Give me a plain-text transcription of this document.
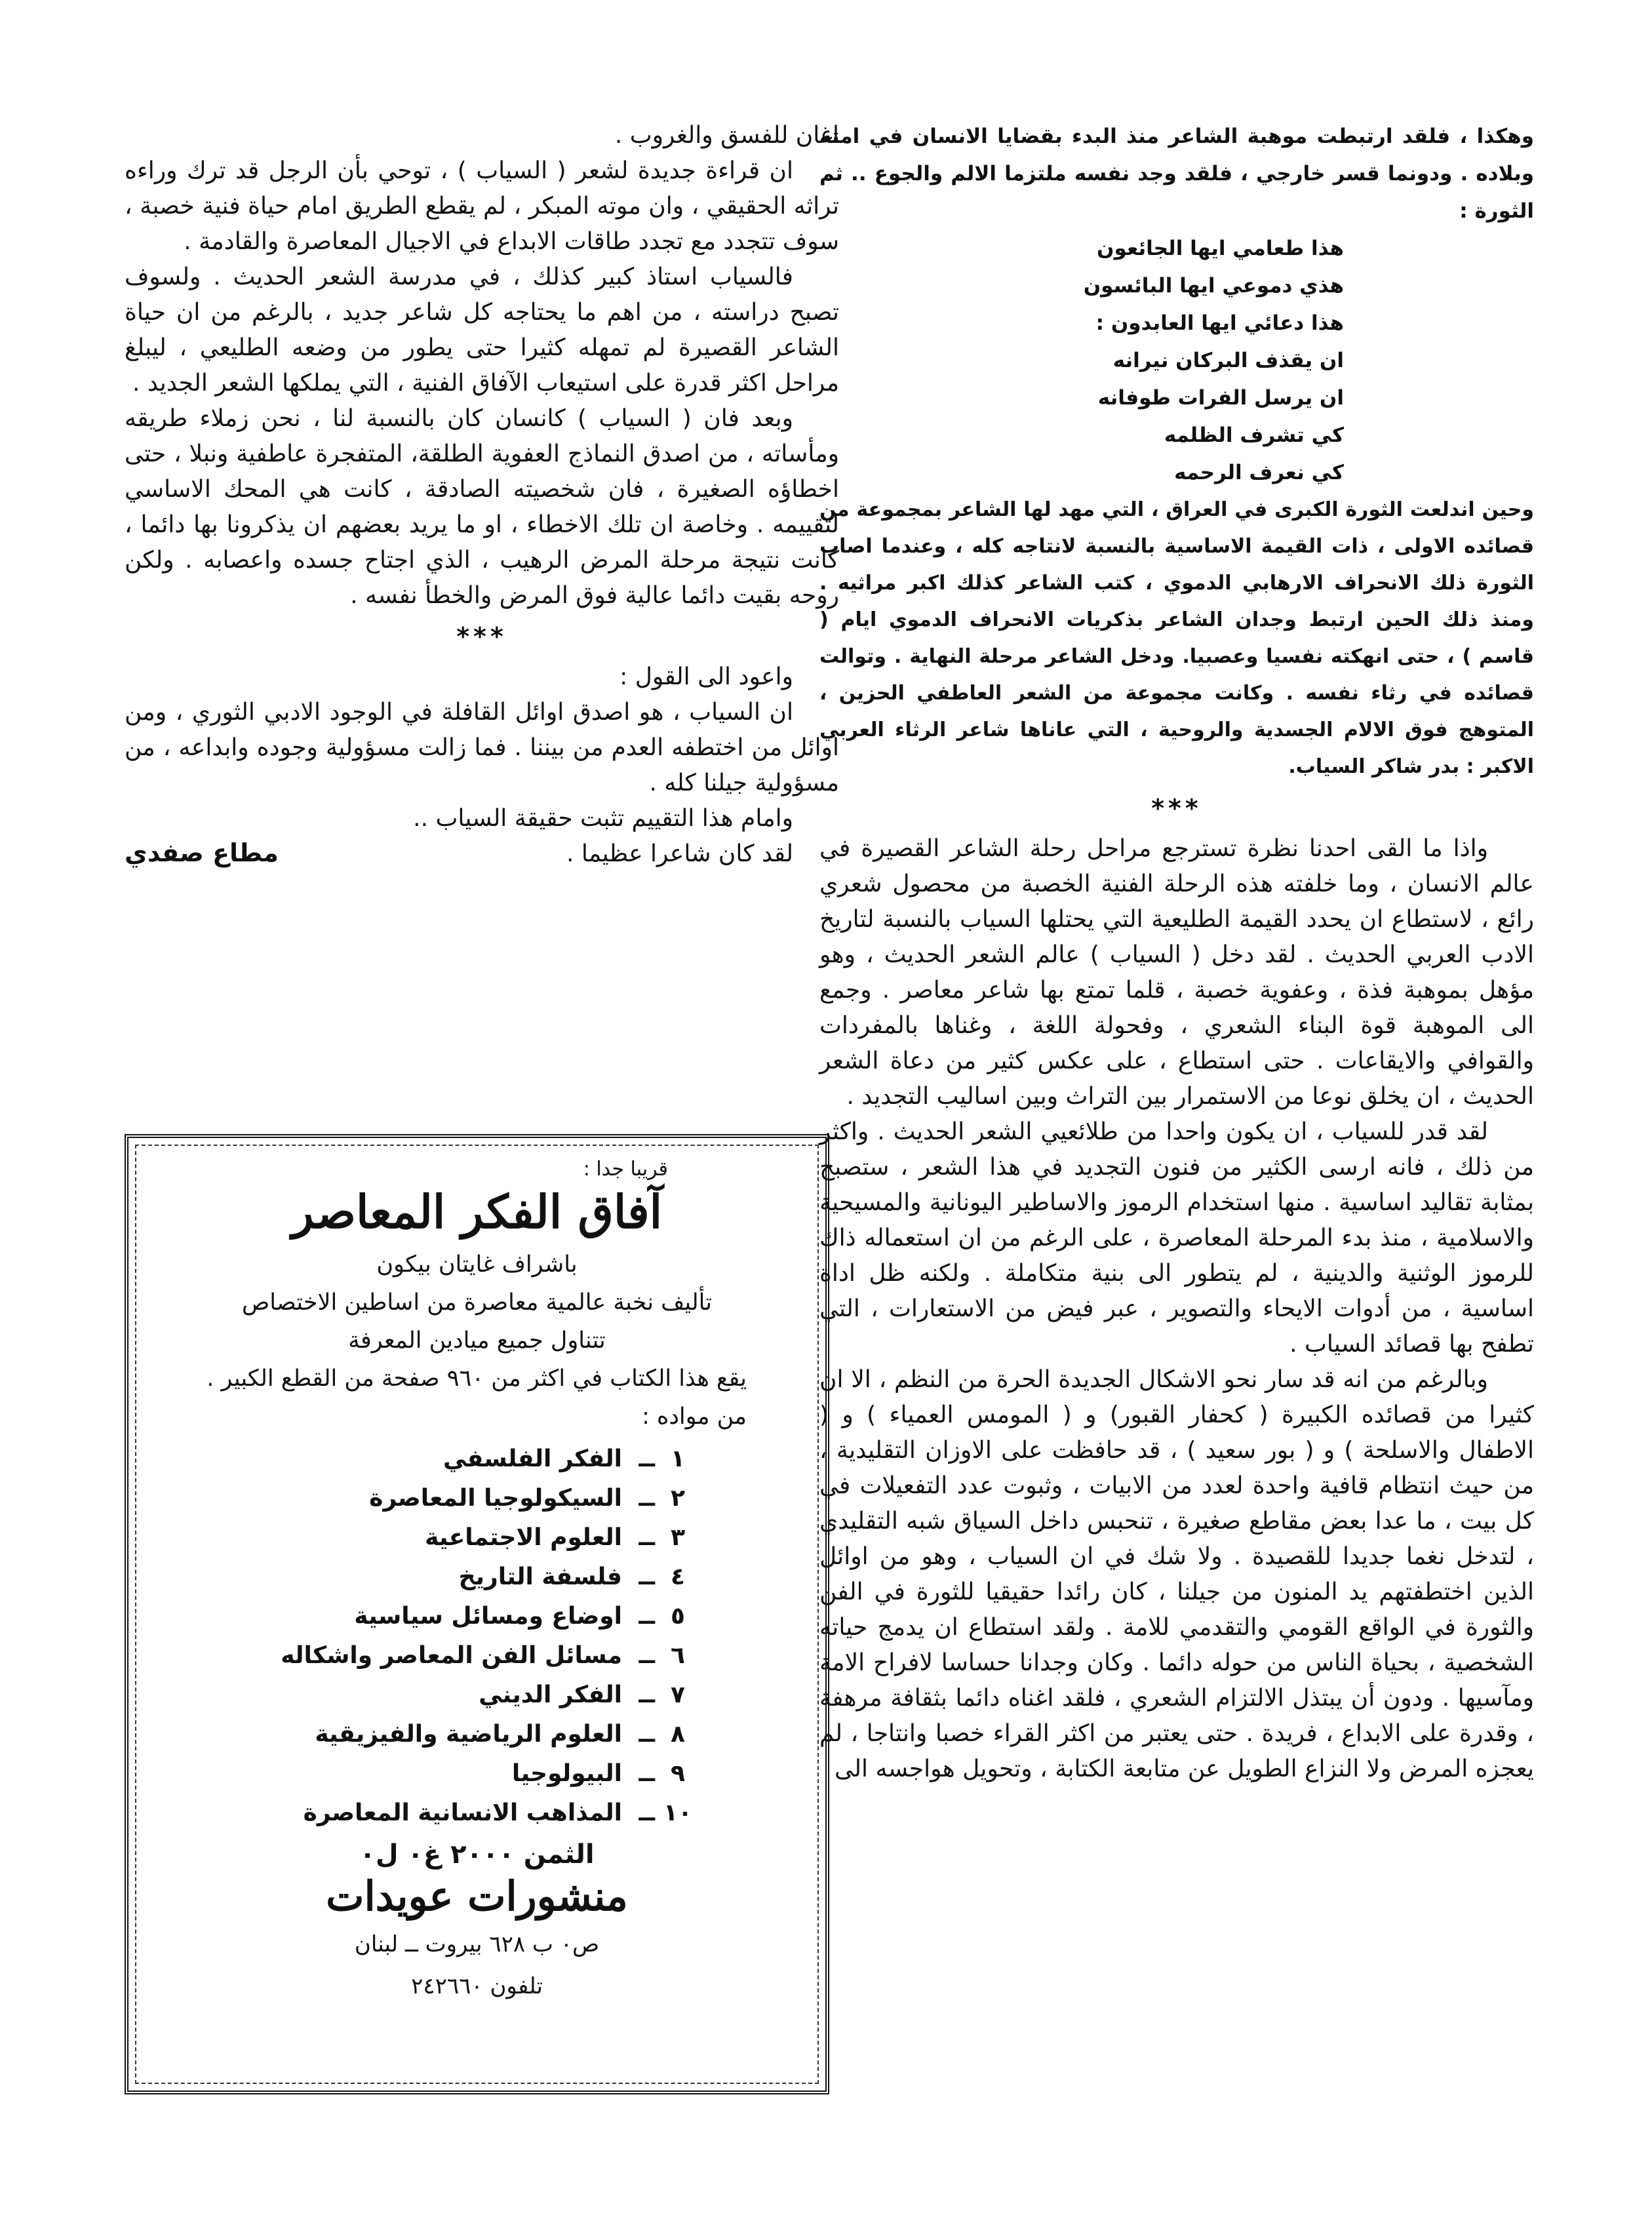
وهكذا ، فلقد ارتبطت موهبة الشاعر منذ البدء بقضايا الانسان في امته وبلاده . ودونما قسر خارجي ، فلقد وجد نفسه ملتزما الالم والجوع .. ثم الثورة :

هذا طعامي ايها الجائعون
هذي دموعي ايها البائسون
هذا دعائي ايها العابدون :
ان يقذف البركان نيرانه
ان يرسل الفرات طوفانه
كي تشرف الظلمه
كي نعرف الرحمه

وحين اندلعت الثورة الكبرى في العراق ، التي مهد لها الشاعر بمجموعة من قصائده الاولى ، ذات القيمة الاساسية بالنسبة لانتاجه كله ، وعندما اصاب الثورة ذلك الانحراف الارهابي الدموي ، كتب الشاعر كذلك اكبر مراثيه . ومنذ ذلك الحين ارتبط وجدان الشاعر بذكريات الانحراف الدموي ايام ( قاسم ) ، حتى انهكته نفسيا وعصبيا. ودخل الشاعر مرحلة النهاية . وتوالت قصائده في رثاء نفسه . وكانت مجموعة من الشعر العاطفي الحزين ، المتوهج فوق الالام الجسدية والروحية ، التي عاناها شاعر الرثاء العربي الاكبر : بدر شاكر السياب.

***

واذا ما القى احدنا نظرة تسترجع مراحل رحلة الشاعر القصيرة في عالم الانسان ، وما خلفته هذه الرحلة الفنية الخصبة من محصول شعري رائع ، لاستطاع ان يحدد القيمة الطليعية التي يحتلها السياب بالنسبة لتاريخ الادب العربي الحديث . لقد دخل ( السياب ) عالم الشعر الحديث ، وهو مؤهل بموهبة فذة ، وعفوية خصبة ، قلما تمتع بها شاعر معاصر . وجمع الى الموهبة قوة البناء الشعري ، وفحولة اللغة ، وغناها بالمفردات والقوافي والايقاعات . حتى استطاع ، على عكس كثير من دعاة الشعر الحديث ، ان يخلق نوعا من الاستمرار بين التراث وبين اساليب التجديد .

لقد قدر للسياب ، ان يكون واحدا من طلائعيي الشعر الحديث . واكثر من ذلك ، فانه ارسى الكثير من فنون التجديد في هذا الشعر ، ستصبح بمثابة تقاليد اساسية . منها استخدام الرموز والاساطير اليونانية والمسيحية والاسلامية ، منذ بدء المرحلة المعاصرة ، على الرغم من ان استعماله ذاك للرموز الوثنية والدينية ، لم يتطور الى بنية متكاملة . ولكنه ظل اداة اساسية ، من أدوات الايحاء والتصوير ، عبر فيض من الاستعارات ، التي تطفح بها قصائد السياب .

وبالرغم من انه قد سار نحو الاشكال الجديدة الحرة من النظم ، الا ان كثيرا من قصائده الكبيرة ( كحفار القبور) و ( المومس العمياء ) و ( الاطفال والاسلحة ) و ( بور سعيد ) ، قد حافظت على الاوزان التقليدية ، من حيث انتظام قافية واحدة لعدد من الابيات ، وثبوت عدد التفعيلات في كل بيت ، ما عدا بعض مقاطع صغيرة ، تنحبس داخل السياق شبه التقليدي ، لتدخل نغما جديدا للقصيدة . ولا شك في ان السياب ، وهو من اوائل الذين اختطفتهم يد المنون من جيلنا ، كان رائدا حقيقيا للثورة في الفن والثورة في الواقع القومي والتقدمي للامة . ولقد استطاع ان يدمج حياته الشخصية ، بحياة الناس من حوله دائما . وكان وجدانا حساسا لافراح الامة ومآسيها . ودون أن يبتذل الالتزام الشعري ، فلقد اغناه دائما بثقافة مرهفة ، وقدرة على الابداع ، فريدة . حتى يعتبر من اكثر القراء خصبا وانتاجا ، لم يعجزه المرض ولا النزاع الطويل عن متابعة الكتابة ، وتحويل هواجسه الى

اغان للفسق والغروب .

ان قراءة جديدة لشعر ( السياب ) ، توحي بأن الرجل قد ترك وراءه تراثه الحقيقي ، وان موته المبكر ، لم يقطع الطريق امام حياة فنية خصبة ، سوف تتجدد مع تجدد طاقات الابداع في الاجيال المعاصرة والقادمة .

فالسياب استاذ كبير كذلك ، في مدرسة الشعر الحديث . ولسوف تصبح دراسته ، من اهم ما يحتاجه كل شاعر جديد ، بالرغم من ان حياة الشاعر القصيرة لم تمهله كثيرا حتى يطور من وضعه الطليعي ، ليبلغ مراحل اكثر قدرة على استيعاب الآفاق الفنية ، التي يملكها الشعر الجديد .

وبعد فان ( السياب ) كانسان كان بالنسبة لنا ، نحن زملاء طريقه ومأساته ، من اصدق النماذج العفوية الطلقة، المتفجرة عاطفية ونبلا ، حتى اخطاؤه الصغيرة ، فان شخصيته الصادقة ، كانت هي المحك الاساسي لتقييمه . وخاصة ان تلك الاخطاء ، او ما يريد بعضهم ان يذكرونا بها دائما ، كانت نتيجة مرحلة المرض الرهيب ، الذي اجتاح جسده واعصابه . ولكن روحه بقيت دائما عالية فوق المرض والخطأ نفسه .

***

واعود الى القول :

ان السياب ، هو اصدق اوائل القافلة في الوجود الادبي الثوري ، ومن اوائل من اختطفه العدم من بيننا . فما زالت مسؤولية وجوده وابداعه ، من مسؤولية جيلنا كله .

وامام هذا التقييم تثبت حقيقة السياب ..

لقد كان شاعرا عظيما .
مطاع صفدي
قريبا جدا :
آفاق الفكر المعاصر
باشراف غايتان بيكون
تأليف نخبة عالمية معاصرة من اساطين الاختصاص
تتناول جميع ميادين المعرفة
يقع هذا الكتاب في اكثر من ٩٦٠ صفحة من القطع الكبير .
من مواده :
١
ــ
الفكر الفلسفي
٢
ــ
السيكولوجيا المعاصرة
٣
ــ
العلوم الاجتماعية
٤
ــ
فلسفة التاريخ
٥
ــ
اوضاع ومسائل سياسية
٦
ــ
مسائل الفن المعاصر واشكاله
٧
ــ
الفكر الديني
٨
ــ
العلوم الرياضية والفيزيقية
٩
ــ
البيولوجيا
١٠
ــ
المذاهب الانسانية المعاصرة
الثمن ٢٠٠٠ غ٠ ل٠
منشورات عويدات
ص٠ ب ٦٢٨ بيروت ــ لبنان
تلفون ٢٤٢٦٦٠
